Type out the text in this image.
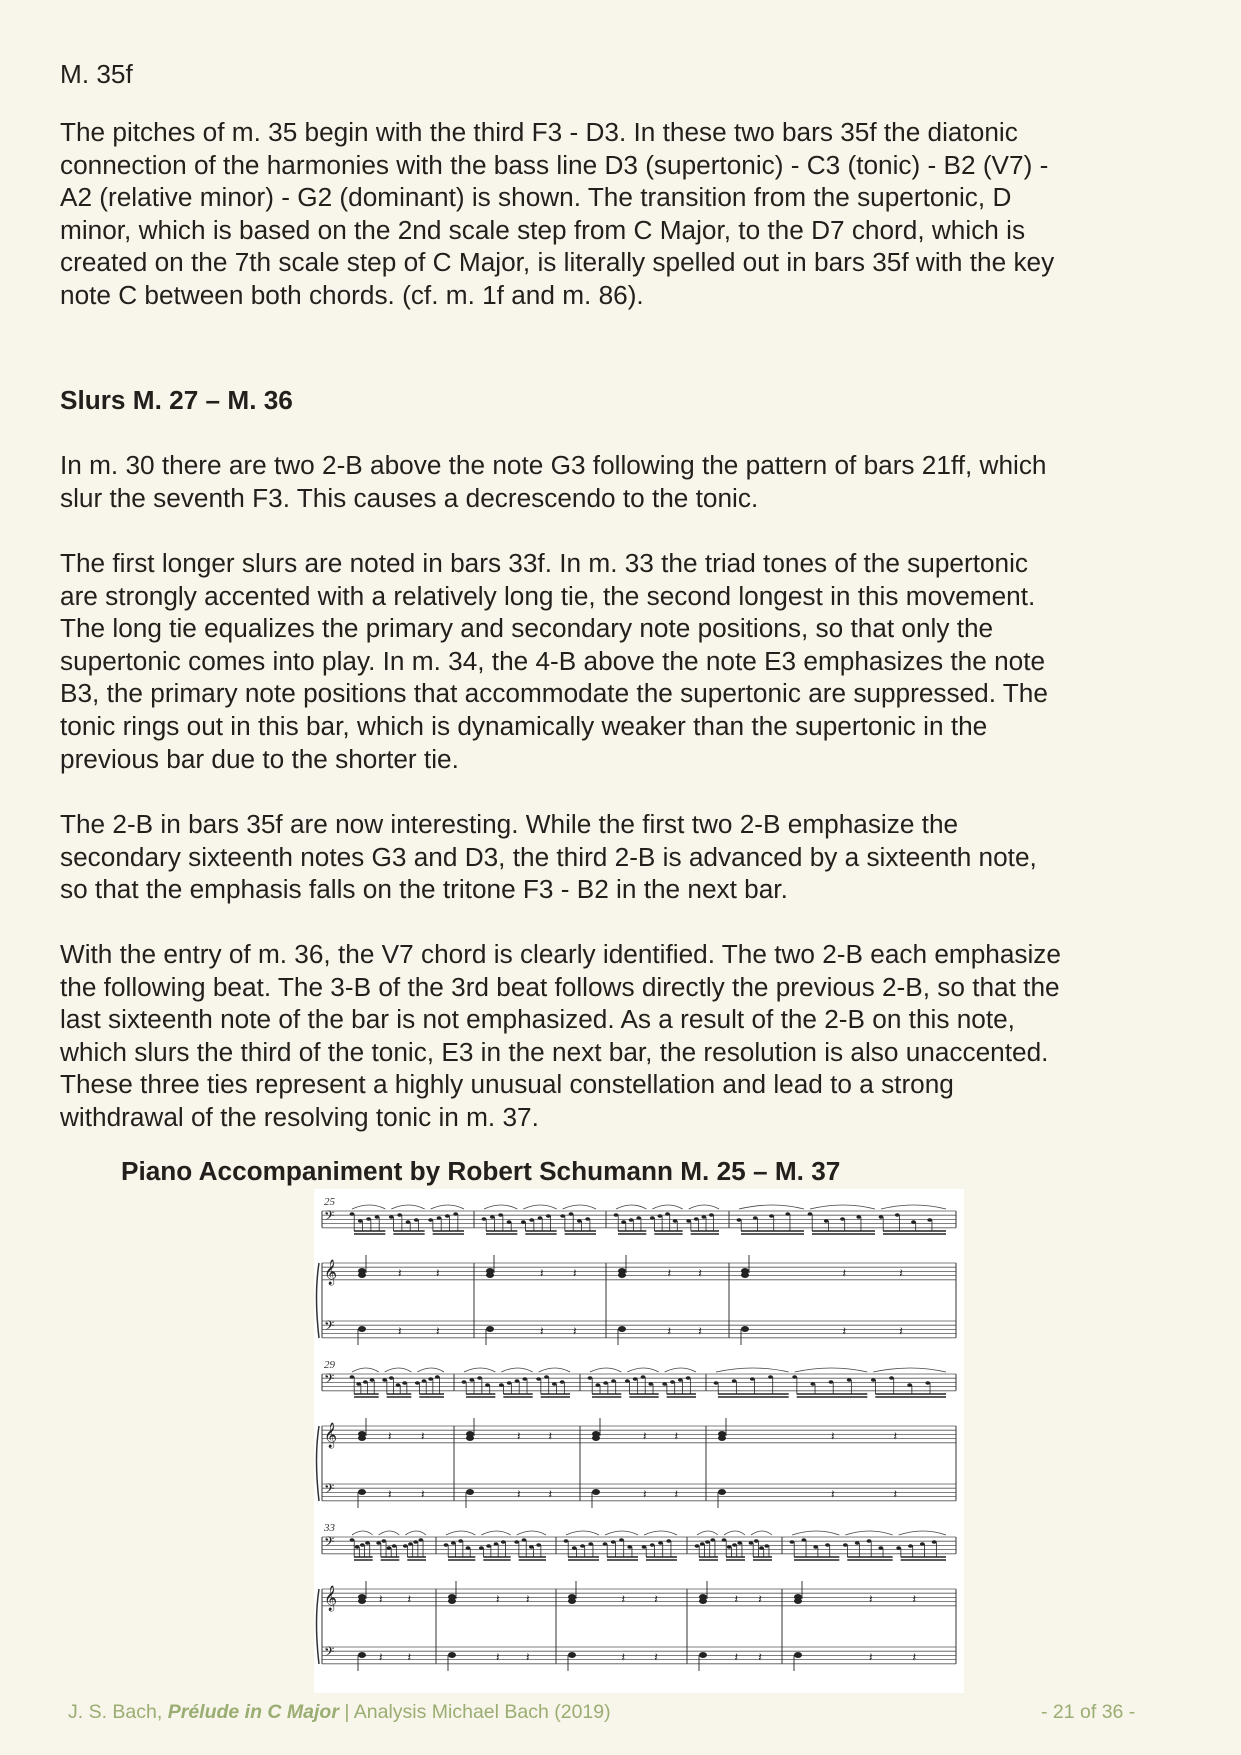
M. 35f

The pitches of m. 35 begin with the third F3 - D3. In these two bars 35f the diatonic
connection of the harmonies with the bass line D3 (supertonic) - C3 (tonic) - B2 (V7) -
A2 (relative minor) - G2 (dominant) is shown. The transition from the supertonic, D
minor, which is based on the 2nd scale step from C Major, to the D7 chord, which is
created on the 7th scale step of C Major, is literally spelled out in bars 35f with the key
note C between both chords. (cf. m. 1f and m. 86).

Slurs M. 27 – M. 36

In m. 30 there are two 2-B above the note G3 following the pattern of bars 21ff, which
slur the seventh F3. This causes a decrescendo to the tonic.

The first longer slurs are noted in bars 33f. In m. 33 the triad tones of the supertonic
are strongly accented with a relatively long tie, the second longest in this movement.
The long tie equalizes the primary and secondary note positions, so that only the
supertonic comes into play. In m. 34, the 4-B above the note E3 emphasizes the note
B3, the primary note positions that accommodate the supertonic are suppressed. The
tonic rings out in this bar, which is dynamically weaker than the supertonic in the
previous bar due to the shorter tie.

The 2-B in bars 35f are now interesting. While the first two 2-B emphasize the
secondary sixteenth notes G3 and D3, the third 2-B is advanced by a sixteenth note,
so that the emphasis falls on the tritone F3 - B2 in the next bar.

With the entry of m. 36, the V7 chord is clearly identified. The two 2-B each emphasize
the following beat. The 3-B of the 3rd beat follows directly the previous 2-B, so that the
last sixteenth note of the bar is not emphasized. As a result of the 2-B on this note,
which slurs the third of the tonic, E3 in the next bar, the resolution is also unaccented.
These three ties represent a highly unusual constellation and lead to a strong
withdrawal of the resolving tonic in m. 37.

Piano Accompaniment by Robert Schumann M. 25 – M. 37
25
𝄢
𝄞
𝄢
𝄽
𝄽
𝄽
𝄽
𝄽
𝄽
𝄽
𝄽
𝄽
𝄽
𝄽
𝄽
𝄽
𝄽
𝄽
𝄽
29
𝄢
𝄞
𝄢
𝄽
𝄽
𝄽
𝄽
𝄽
𝄽
𝄽
𝄽
𝄽
𝄽
𝄽
𝄽
𝄽
𝄽
𝄽
𝄽
33
𝄢
𝄞
𝄢
𝄽
𝄽
𝄽
𝄽
𝄽
𝄽
𝄽
𝄽
𝄽
𝄽
𝄽
𝄽
𝄽
𝄽
𝄽
𝄽
𝄽
𝄽
𝄽
𝄽
J. S. Bach, Prélude in C Major | Analysis Michael Bach (2019)	- 21 of 36 -
